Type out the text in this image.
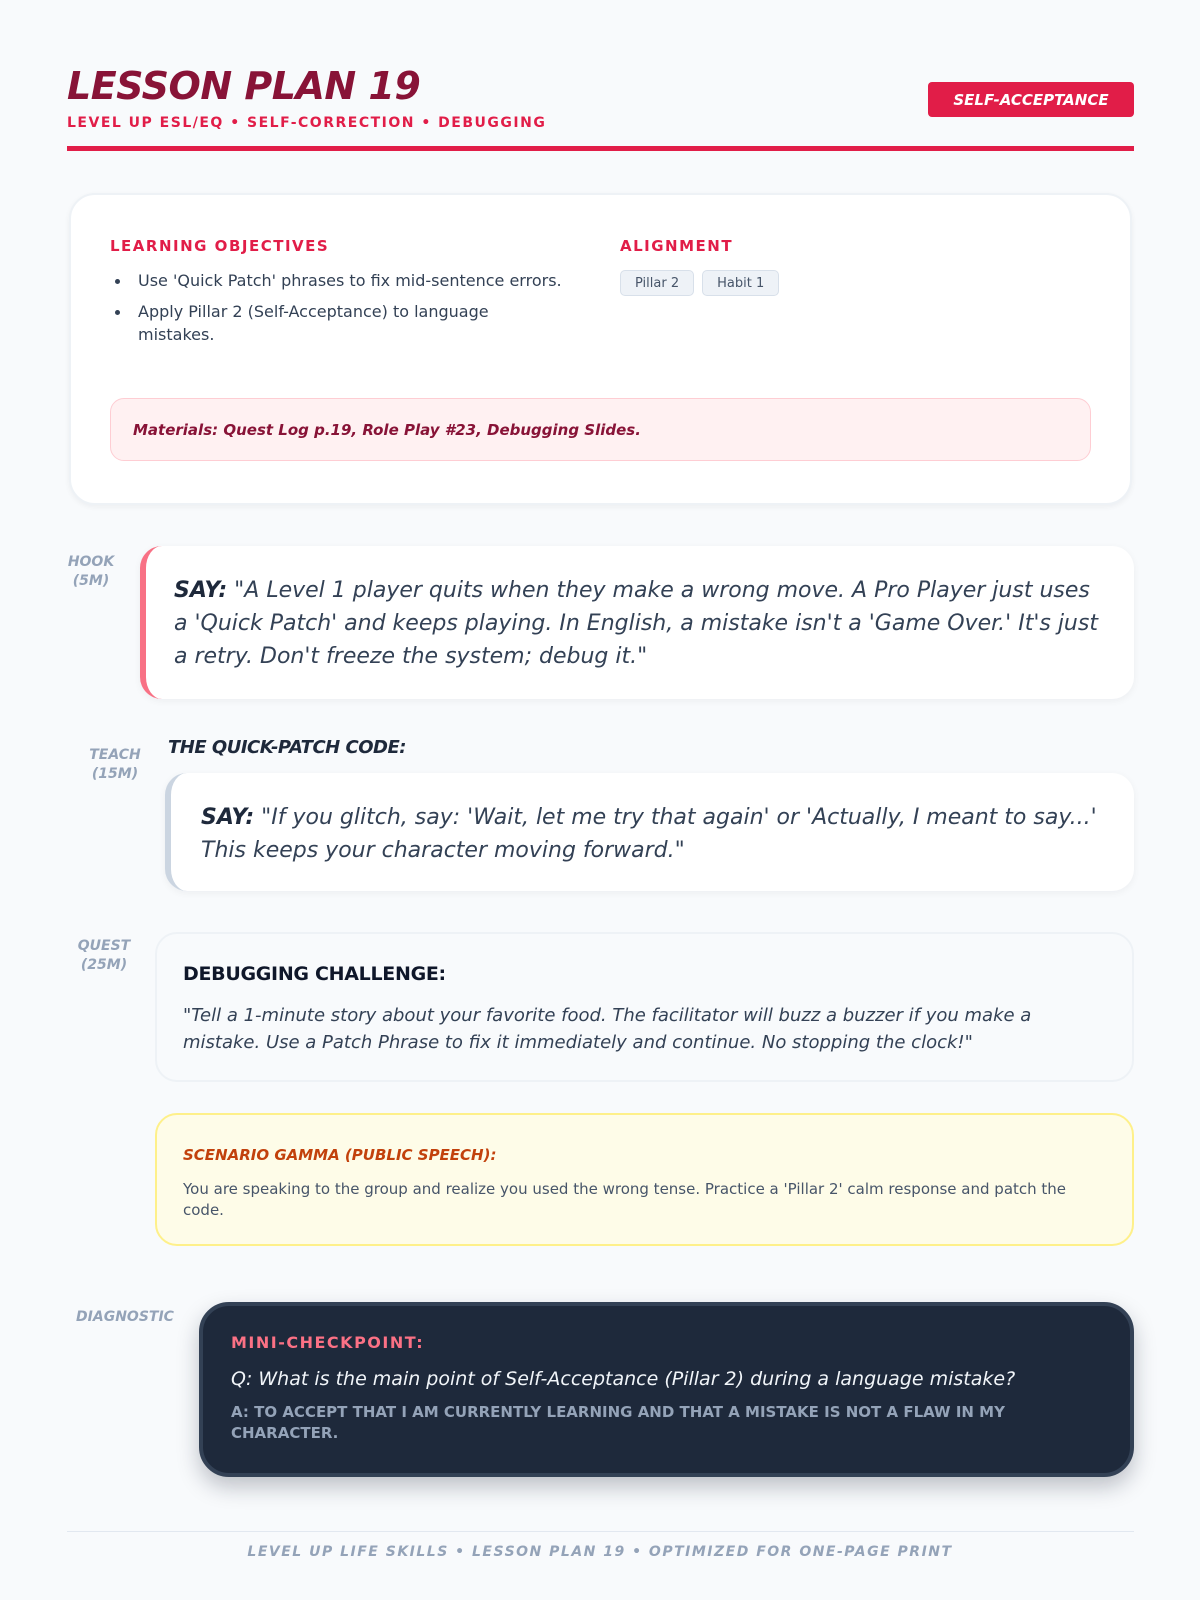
LESSON PLAN 19
LEVEL UP ESL/EQ • SELF-CORRECTION • DEBUGGING
SELF-ACCEPTANCE
LEARNING OBJECTIVES
Use 'Quick Patch' phrases to fix mid-sentence errors.
Apply Pillar 2 (Self-Acceptance) to language mistakes.
ALIGNMENT
Pillar 2	Habit 1
Materials: Quest Log p.19, Role Play #23, Debugging Slides.
HOOK
(5M)	SAY: "A Level 1 player quits when they make a wrong move. A Pro Player just uses a 'Quick Patch' and keeps playing. In English, a mistake isn't a 'Game Over.' It's just a retry. Don't freeze the system; debug it."
TEACH
(15M)
THE QUICK-PATCH CODE:
SAY: "If you glitch, say: 'Wait, let me try that again' or 'Actually, I meant to say...' This keeps your character moving forward."
QUEST
(25M)	DEBUGGING CHALLENGE:
"Tell a 1-minute story about your favorite food. The facilitator will buzz a buzzer if you make a mistake. Use a Patch Phrase to fix it immediately and continue. No stopping the clock!"
SCENARIO GAMMA (PUBLIC SPEECH):
You are speaking to the group and realize you used the wrong tense. Practice a 'Pillar 2' calm response and patch the code.
DIAGNOSTIC
MINI-CHECKPOINT:
Q: What is the main point of Self-Acceptance (Pillar 2) during a language mistake?
A: TO ACCEPT THAT I AM CURRENTLY LEARNING AND THAT A MISTAKE IS NOT A FLAW IN MY CHARACTER.
LEVEL UP LIFE SKILLS • LESSON PLAN 19 • OPTIMIZED FOR ONE-PAGE PRINT
